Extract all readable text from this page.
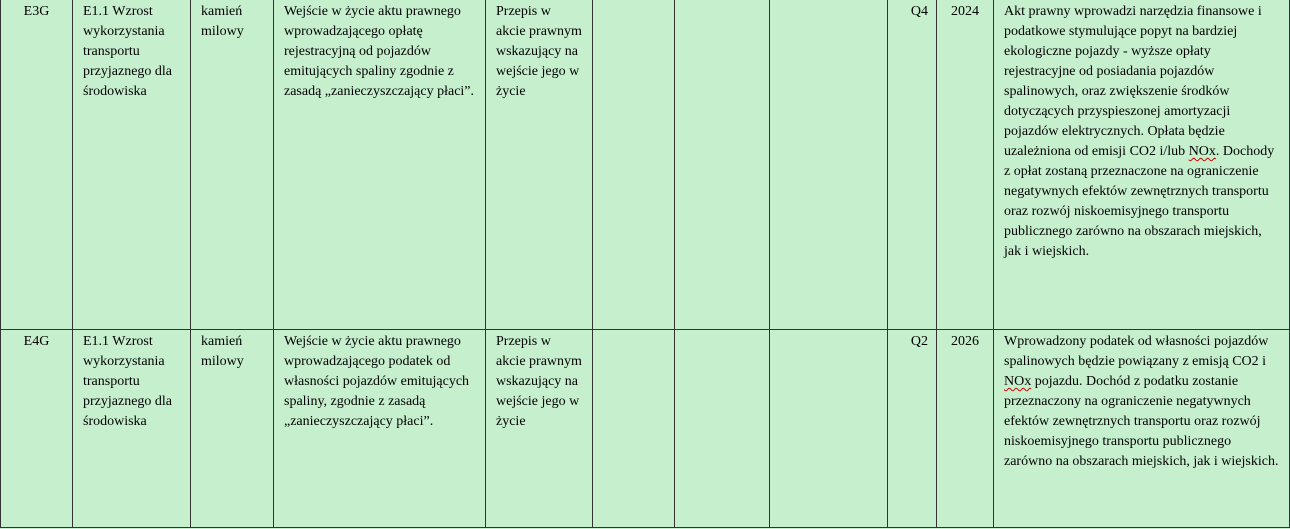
E3G	E1.1 Wzrost wykorzystania transportu przyjaznego dla środowiska	kamień milowy	Wejście w życie aktu prawnego wprowadzającego opłatę rejestracyjną od pojazdów emitujących spaliny zgodnie z zasadą „zanieczyszczający płaci”.	Przepis w akcie prawnym wskazujący na wejście jego w życie				Q4	2024	Akt prawny wprowadzi narzędzia finansowe i podatkowe stymulujące popyt na bardziej ekologiczne pojazdy - wyższe opłaty rejestracyjne od posiadania pojazdów spalinowych, oraz zwiększenie środków dotyczących przyspieszonej amortyzacji pojazdów elektrycznych. Opłata będzie uzależniona od emisji CO2 i/lub NOx. Dochody z opłat zostaną przeznaczone na ograniczenie negatywnych efektów zewnętrznych transportu oraz rozwój niskoemisyjnego transportu publicznego zarówno na obszarach miejskich, jak i wiejskich.
E4G	E1.1 Wzrost wykorzystania transportu przyjaznego dla środowiska	kamień milowy	Wejście w życie aktu prawnego wprowadzającego podatek od własności pojazdów emitujących spaliny, zgodnie z zasadą „zanieczyszczający płaci”.	Przepis w akcie prawnym wskazujący na wejście jego w życie				Q2	2026	Wprowadzony podatek od własności pojazdów spalinowych będzie powiązany z emisją CO2 i NOx pojazdu. Dochód z podatku zostanie przeznaczony na ograniczenie negatywnych efektów zewnętrznych transportu oraz rozwój niskoemisyjnego transportu publicznego zarówno na obszarach miejskich, jak i wiejskich.
